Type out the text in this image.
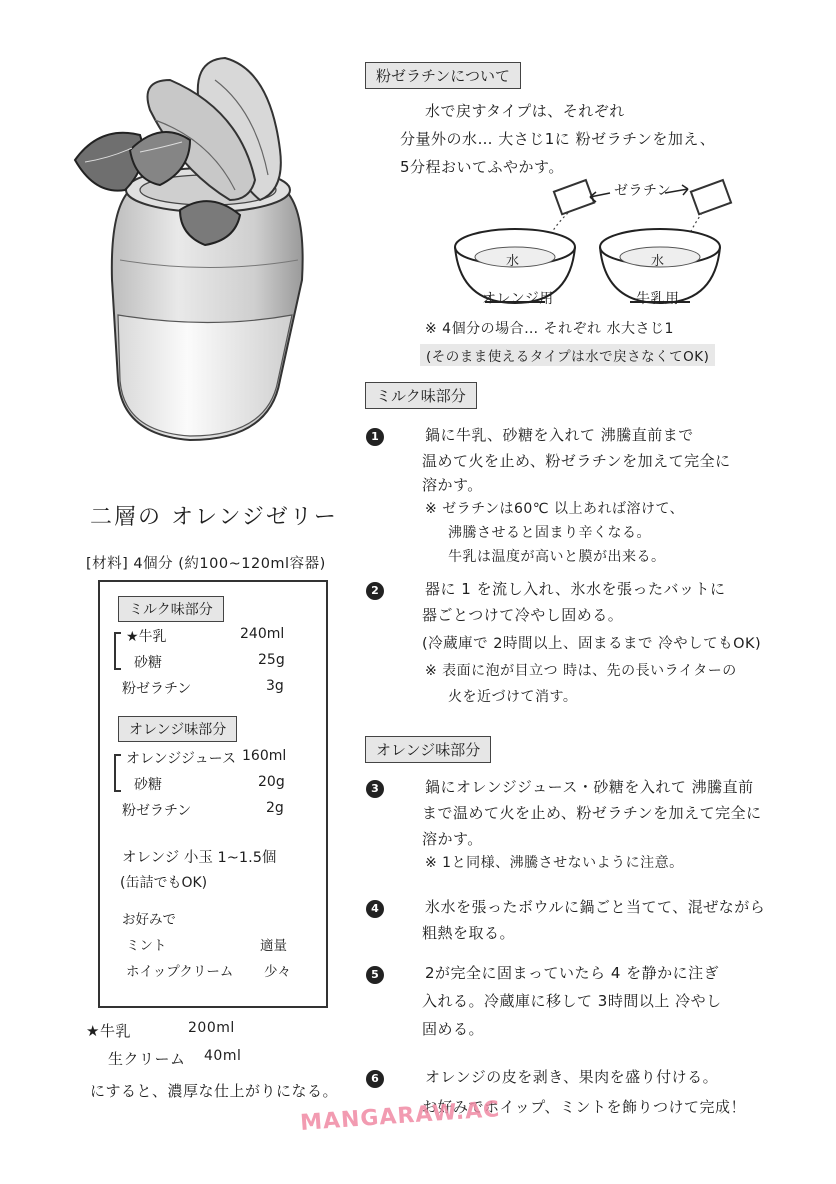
粉ゼラチンについて
水で戻すタイプは、それぞれ
分量外の水… 大さじ1に 粉ゼラチンを加え、
5分程おいてふやかす。
ゼラチン
水	水
オレンジ用	牛乳用
※ 4個分の場合… それぞれ 水大さじ1
(そのまま使えるタイプは水で戻さなくてOK)
ミルク味部分
1	鍋に牛乳、砂糖を入れて 沸騰直前まで
温めて火を止め、粉ゼラチンを加えて完全に
溶かす。
※ ゼラチンは60℃ 以上あれば溶けて、
沸騰させると固まり辛くなる。
牛乳は温度が高いと膜が出来る。
2	器に 1 を流し入れ、氷水を張ったバットに
器ごとつけて冷やし固める。
(冷蔵庫で 2時間以上、固まるまで 冷やしてもOK)
※ 表面に泡が目立つ 時は、先の長いライターの
火を近づけて消す。
オレンジ味部分
3	鍋にオレンジジュース・砂糖を入れて 沸騰直前
まで温めて火を止め、粉ゼラチンを加えて完全に
溶かす。
※ 1と同様、沸騰させないように注意。
4	氷水を張ったボウルに鍋ごと当てて、混ぜながら
粗熱を取る。
5	2が完全に固まっていたら 4 を静かに注ぎ
入れる。冷蔵庫に移して 3時間以上 冷やし
固める。
6	オレンジの皮を剥き、果肉を盛り付ける。
お好みでホイップ、ミントを飾りつけて完成！
二層の オレンジゼリー
[材料] 4個分 (約100~120ml容器)
ミルク味部分
★牛乳	240ml
砂糖	25g
粉ゼラチン	3g
オレンジ味部分
オレンジジュース 160ml
砂糖	20g
粉ゼラチン	2g
オレンジ 小玉 1~1.5個
(缶詰でもOK)
お好みで
ミント	適量
ホイップクリーム 少々
★牛乳	200ml
生クリーム 40ml
にすると、濃厚な仕上がりになる。
MANGARAW.AC
